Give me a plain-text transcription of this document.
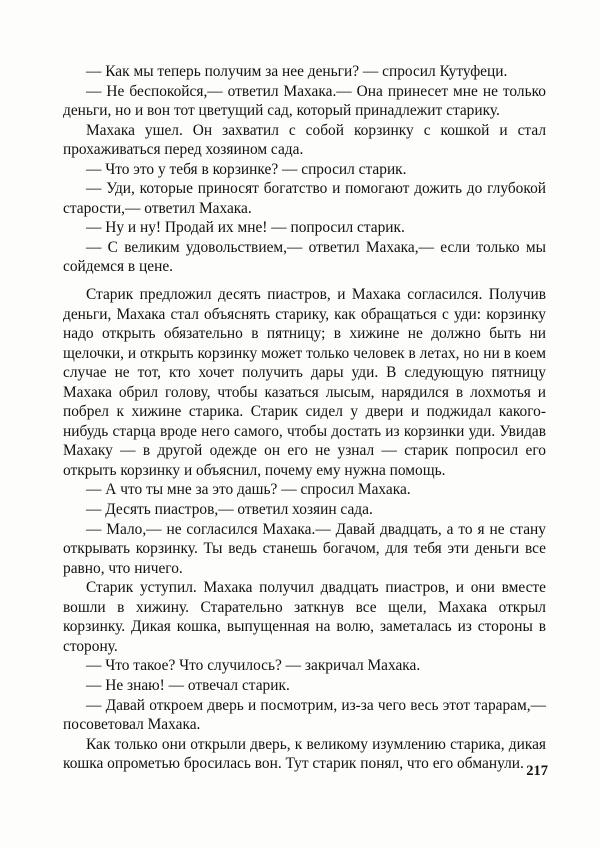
— Как мы теперь получим за нее деньги? — спросил Кутуфеци.

— Не беспокойся,— ответил Махака.— Она принесет мне не только деньги, но и вон тот цветущий сад, который принадлежит старику.

Махака ушел. Он захватил с собой корзинку с кошкой и стал прохаживаться перед хозяином сада.

— Что это у тебя в корзинке? — спросил старик.

— Уди, которые приносят богатство и помогают дожить до глубокой старости,— ответил Махака.

— Ну и ну! Продай их мне! — попросил старик.

— С великим удовольствием,— ответил Махака,— если только мы сойдемся в цене.

Старик предложил десять пиастров, и Махака согласился. Получив деньги, Махака стал объяснять старику, как обращаться с уди: корзинку надо открыть обязательно в пятницу; в хижине не должно быть ни щелочки, и открыть корзинку может только человек в летах, но ни в коем случае не тот, кто хочет получить дары уди. В следующую пятницу Махака обрил голову, чтобы казаться лысым, нарядился в лохмотья и побрел к хижине старика. Старик сидел у двери и поджидал какого-нибудь старца вроде него самого, чтобы достать из корзинки уди. Увидав Махаку — в другой одежде он его не узнал — старик попросил его открыть корзинку и объяснил, почему ему нужна помощь.

— А что ты мне за это дашь? — спросил Махака.

— Десять пиастров,— ответил хозяин сада.

— Мало,— не согласился Махака.— Давай двадцать, а то я не стану открывать корзинку. Ты ведь станешь богачом, для тебя эти деньги все равно, что ничего.

Старик уступил. Махака получил двадцать пиастров, и они вместе вошли в хижину. Старательно заткнув все щели, Махака открыл корзинку. Дикая кошка, выпущенная на волю, заметалась из стороны в сторону.

— Что такое? Что случилось? — закричал Махака.

— Не знаю! — отвечал старик.

— Давай откроем дверь и посмотрим, из-за чего весь этот тарарам,— посоветовал Махака.

Как только они открыли дверь, к великому изумлению старика, дикая кошка опрометью бросилась вон. Тут старик понял, что его обманули. 217
